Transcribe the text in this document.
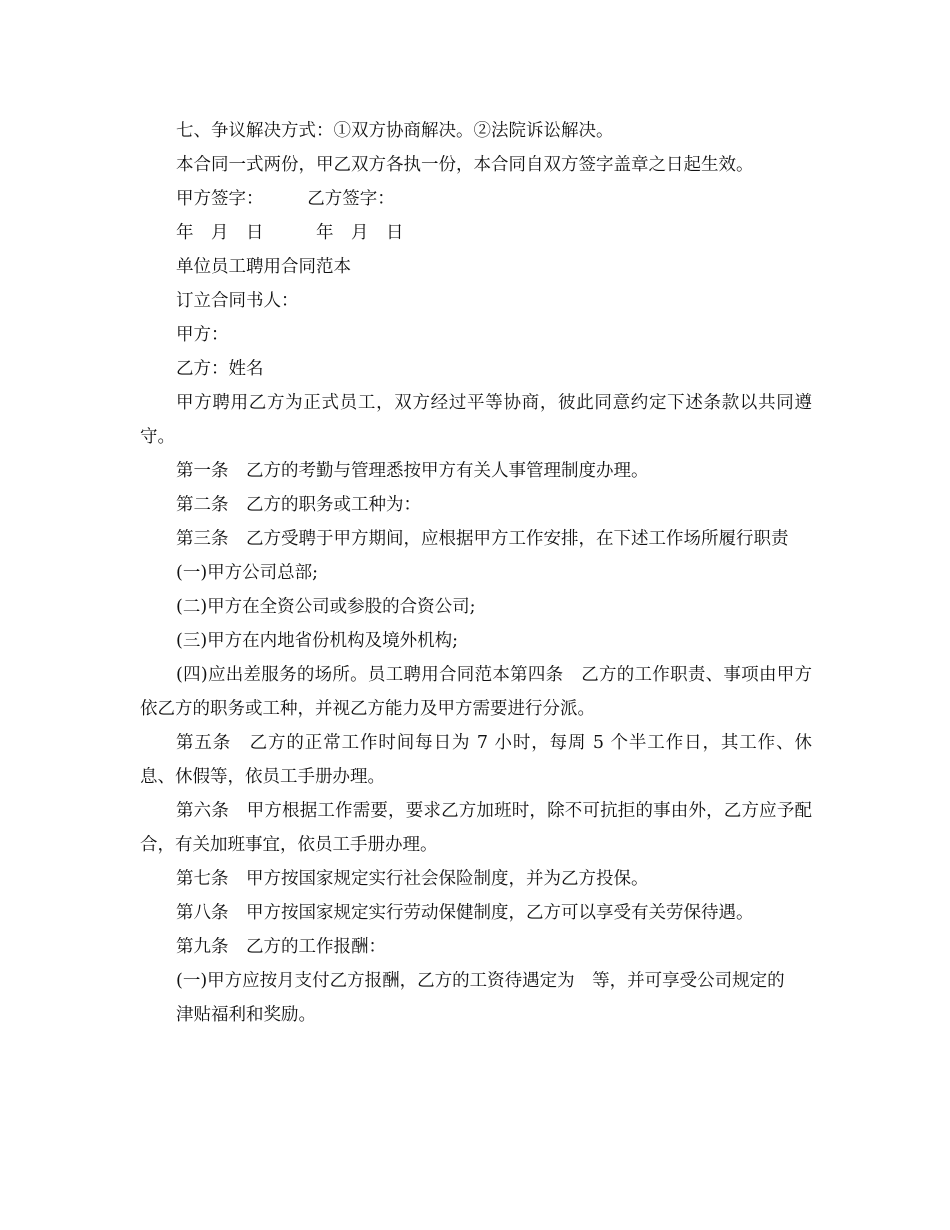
七、争议解决方式：①双方协商解决。②法院诉讼解决。

本合同一式两份，甲乙双方各执一份，本合同自双方签字盖章之日起生效。

甲方签字：　　　乙方签字：

年　月　日　　　年　月　日

单位员工聘用合同范本

订立合同书人：

甲方：

乙方：姓名

甲方聘用乙方为正式员工，双方经过平等协商，彼此同意约定下述条款以共同遵守。

第一条　乙方的考勤与管理悉按甲方有关人事管理制度办理。

第二条　乙方的职务或工种为：

第三条　乙方受聘于甲方期间，应根据甲方工作安排，在下述工作场所履行职责

(一)甲方公司总部;

(二)甲方在全资公司或参股的合资公司;

(三)甲方在内地省份机构及境外机构;

(四)应出差服务的场所。员工聘用合同范本第四条　乙方的工作职责、事项由甲方依乙方的职务或工种，并视乙方能力及甲方需要进行分派。

第五条　乙方的正常工作时间每日为 7 小时，每周 5 个半工作日，其工作、休息、休假等，依员工手册办理。

第六条　甲方根据工作需要，要求乙方加班时，除不可抗拒的事由外，乙方应予配合，有关加班事宜，依员工手册办理。

第七条　甲方按国家规定实行社会保险制度，并为乙方投保。

第八条　甲方按国家规定实行劳动保健制度，乙方可以享受有关劳保待遇。

第九条　乙方的工作报酬：

(一)甲方应按月支付乙方报酬，乙方的工资待遇定为　等，并可享受公司规定的

津贴福利和奖励。
